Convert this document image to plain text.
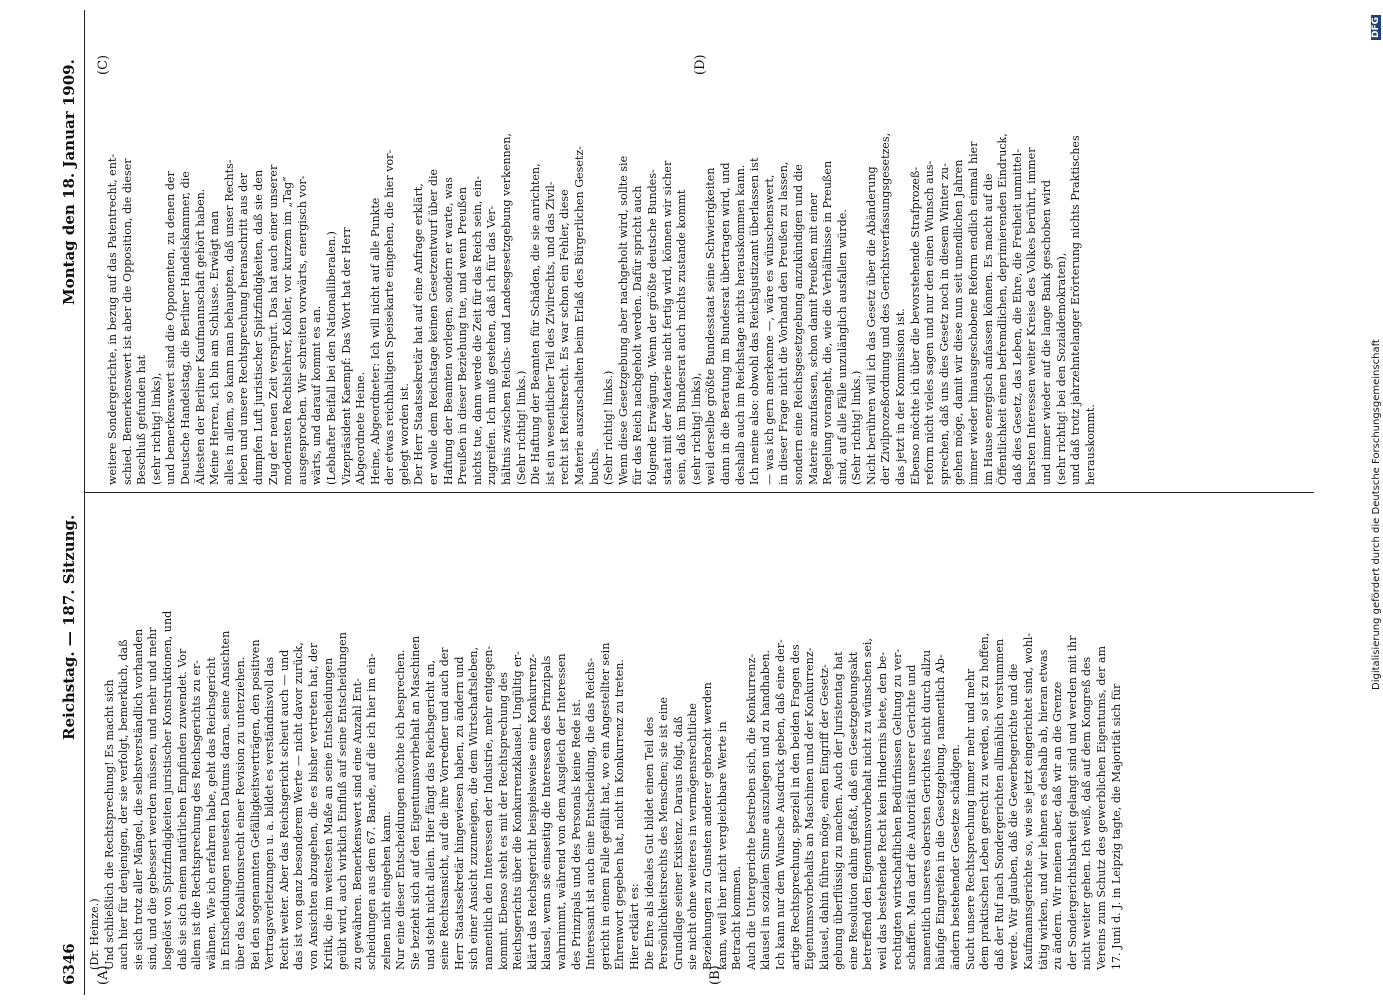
6346
Reichstag. — 187. Sitzung.
Montag den 18. Januar 1909.
(A)	(B)
(C)	(D)
(Dr. Heinze.) Und schließlich die Rechtsprechung! Es macht sich auch hier für denjenigen, der sie verfolgt, bemerklich, daß sie sich trotz aller Mängel, die selbstverständlich vorhanden sind, und die gebessert werden müssen, und mehr und mehr losgelöst von Spitzfindigkeiten juristischer Konstruktionen, und daß sie sich einem natürlichen Empfinden zuwendet. Vor allem ist die Rechtsprechung des Reichsgerichts zu er- wähnen. Wie ich erfahren habe, geht das Reichsgericht in Entscheidungen neuesten Datums daran, seine Ansichten über das Koalitionsrecht einer Revision zu unterziehen. Bei den sogenannten Gefälligkeitsverträgen, den positiven Vertragsverletzungen u. a. bildet es verständnisvoll das Recht weiter. Aber das Reichsgericht scheut auch — und das ist von ganz besonderem Werte — nicht davor zurück, von Ansichten abzugehen, die es bisher vertreten hat, der Kritik, die im weitesten Maße an seine Entscheidungen geübt wird, auch wirklich Einfluß auf seine Entscheidungen zu gewähren. Bemerkenswert sind eine Anzahl Ent- scheidungen aus dem 67. Bande, auf die ich hier im ein- zelnen nicht eingehen kann. Nur eine dieser Entscheidungen möchte ich besprechen. Sie bezieht sich auf den Eigentumsvorbehalt an Maschinen und steht nicht allein. Hier fängt das Reichsgericht an, seine Rechtsansicht, auf die ihre Vorredner und auch der Herr Staatssekretär hingewiesen haben, zu ändern und sich einer Ansicht zuzuneigen, die dem Wirtschaftsleben, namentlich den Interessen der Industrie, mehr entgegen- kommt. Ebenso steht es mit der Rechtsprechung des Reichsgerichts über die Konkurrenzklausel. Ungültig er- klärt das Reichsgericht beispielsweise eine Konkurrenz- klausel, wenn sie einseitig die Interessen des Prinzipals wahrnimmt, während von dem Ausgleich der Interessen des Prinzipals und des Personals keine Rede ist. Interessant ist auch eine Entscheidung, die das Reichs- gericht in einem Falle gefällt hat, wo ein Angestellter sein Ehrenwort gegeben hat, nicht in Konkurrenz zu treten. Hier erklärt es: Die Ehre als ideales Gut bildet einen Teil des Persönlichkeitsrechts des Menschen; sie ist eine Grundlage seiner Existenz. Daraus folgt, daß sie nicht ohne weiteres in vermögensrechtliche Beziehungen zu Gunsten anderer gebracht werden kann, weil hier nicht vergleichbare Werte in Betracht kommen. Auch die Untergerichte bestreben sich, die Konkurrenz- klausel in sozialem Sinne auszulegen und zu handhaben. Ich kann nur dem Wunsche Ausdruck geben, daß eine der- artige Rechtsprechung, speziell in den beiden Fragen des Eigentumsvorbehalts an Maschinen und der Konkurrenz- klausel, dahin führen möge, einen Eingriff der Gesetz- gebung überflüssig zu machen. Auch der Juristentag hat eine Resolution dahin gefaßt, daß ein Gesetzgebungsakt betreffend den Eigentumsvorbehalt nicht zu wünschen sei, weil das bestehende Recht kein Hindernis biete, den be- rechtigten wirtschaftlichen Bedürfnissen Geltung zu ver- schaffen. Man darf die Autorität unserer Gerichte und namentlich unseres obersten Gerichtes nicht durch allzu häufige Eingreifen in die Gesetzgebung, namentlich Ab- ändern bestehender Gesetze schädigen. Sucht unsere Rechtsprechung immer mehr und mehr dem praktischen Leben gerecht zu werden, so ist zu hoffen, daß der Ruf nach Sondergerichten allmählich verstummen werde. Wir glauben, daß die Gewerbegerichte und die Kaufmannsgerichte so, wie sie jetzt eingerichtet sind, wohl- tätig wirken, und wir lehnen es deshalb ab, hieran etwas zu ändern. Wir meinen aber, daß wir an die Grenze der Sondergerichtsbarkeit gelangt sind und werden mit ihr nicht weiter gehen. Ich weiß, daß auf dem Kongreß des Vereins zum Schutz des gewerblichen Eigentums, der am 17. Juni d. J. in Leipzig tagte, die Majorität sich für
weitere Sondergerichte, in bezug auf das Patentrecht, ent- schied. Bemerkenswert ist aber die Opposition, die dieser Beschluß gefunden hat (sehr richtig! links), und bemerkenswert sind die Opponenten, zu denen der Deutsche Handelstag, die Berliner Handelskammer, die Ältesten der Berliner Kaufmannschaft gehört haben. Meine Herren, ich bin am Schlusse. Erwägt man alles in allem, so kann man behaupten, daß unser Rechts- leben und unsere Rechtsprechung heranschritt aus der dumpfen Luft juristischer Spitzfindigkeiten, daß sie den Zug der neuen Zeit verspürt. Das hat auch einer unserer modernsten Rechtslehrer, Kohler, vor kurzem im „Tag“ ausgesprochen. Wir schreiten vorwärts, energisch vor- wärts, und darauf kommt es an. (Lebhafter Beifall bei den Nationalliberalen.) Vizepräsident Kaempf: Das Wort hat der Herr Abgeordnete Heine. Heine, Abgeordneter: Ich will nicht auf alle Punkte der etwas reichhaltigen Speisekarte eingehen, die hier vor- gelegt worden ist. Der Herr Staatssekretär hat auf eine Anfrage erklärt, er wolle dem Reichstage keinen Gesetzentwurf über die Haftung der Beamten vorlegen, sondern er warte, was Preußen in dieser Beziehung tue, und wenn Preußen nichts tue, dann werde die Zeit für das Reich sein, ein- zugreifen. Ich muß gestehen, daß ich für das Ver- hältnis zwischen Reichs- und Landesgesetzgebung verkennen, (Sehr richtig! links.) Die Haftung der Beamten für Schäden, die sie anrichten, ist ein wesentlicher Teil des Zivilrechts, und das Zivil- recht ist Reichsrecht. Es war schon ein Fehler, diese Materie auszuschalten beim Erlaß des Bürgerlichen Gesetz- buchs. (Sehr richtig! links.) Wenn diese Gesetzgebung aber nachgeholt wird, sollte sie für das Reich nachgeholt werden. Dafür spricht auch folgende Erwägung. Wenn der größte deutsche Bundes- staat mit der Materie nicht fertig wird, können wir sicher sein, daß im Bundesrat auch nichts zustande kommt (sehr richtig! links), weil derselbe größte Bundesstaat seine Schwierigkeiten dann in die Beratung im Bundesrat übertragen wird, und deshalb auch im Reichstage nichts herauskommen kann. Ich meine also: obwohl das Reichsjustizamt überlassen ist — was ich gern anerkenne —, wäre es wünschenswert, in dieser Frage nicht die Vorhand den Preußen zu lassen, sondern eine Reichsgesetzgebung anzukündigen und die Materie anzufassen, schon damit Preußen mit einer Regelung vorangeht, die, wie die Verhältnisse in Preußen sind, auf alle Fälle unzulänglich ausfallen würde. (Sehr richtig! links.) Nicht berühren will ich das Gesetz über die Abänderung der Zivilprozeßordnung und des Gerichtsverfassungsgesetzes, das jetzt in der Kommission ist. Ebenso möchte ich über die bevorstehende Strafprozeß- reform nicht vieles sagen und nur den einen Wunsch aus- sprechen, daß uns dies Gesetz noch in diesem Winter zu- gehen möge, damit wir diese nun seit unendlichen Jahren immer wieder hinausgeschobene Reform endlich einmal hier im Hause energisch anfassen können. Es macht auf die Öffentlichkeit einen befremdlichen, deprimierenden Eindruck, daß dies Gesetz, das Leben, die Ehre, die Freiheit unmittel- barsten Interessen weiter Kreise des Volkes berührt, immer und immer wieder auf die lange Bank geschoben wird (sehr richtig! bei den Sozialdemokraten), und daß trotz jahrzehntelanger Erörterung nichts Praktisches herauskommt.
DFG
Digitalisierung gefördert durch die Deutsche Forschungsgemeinschaft
